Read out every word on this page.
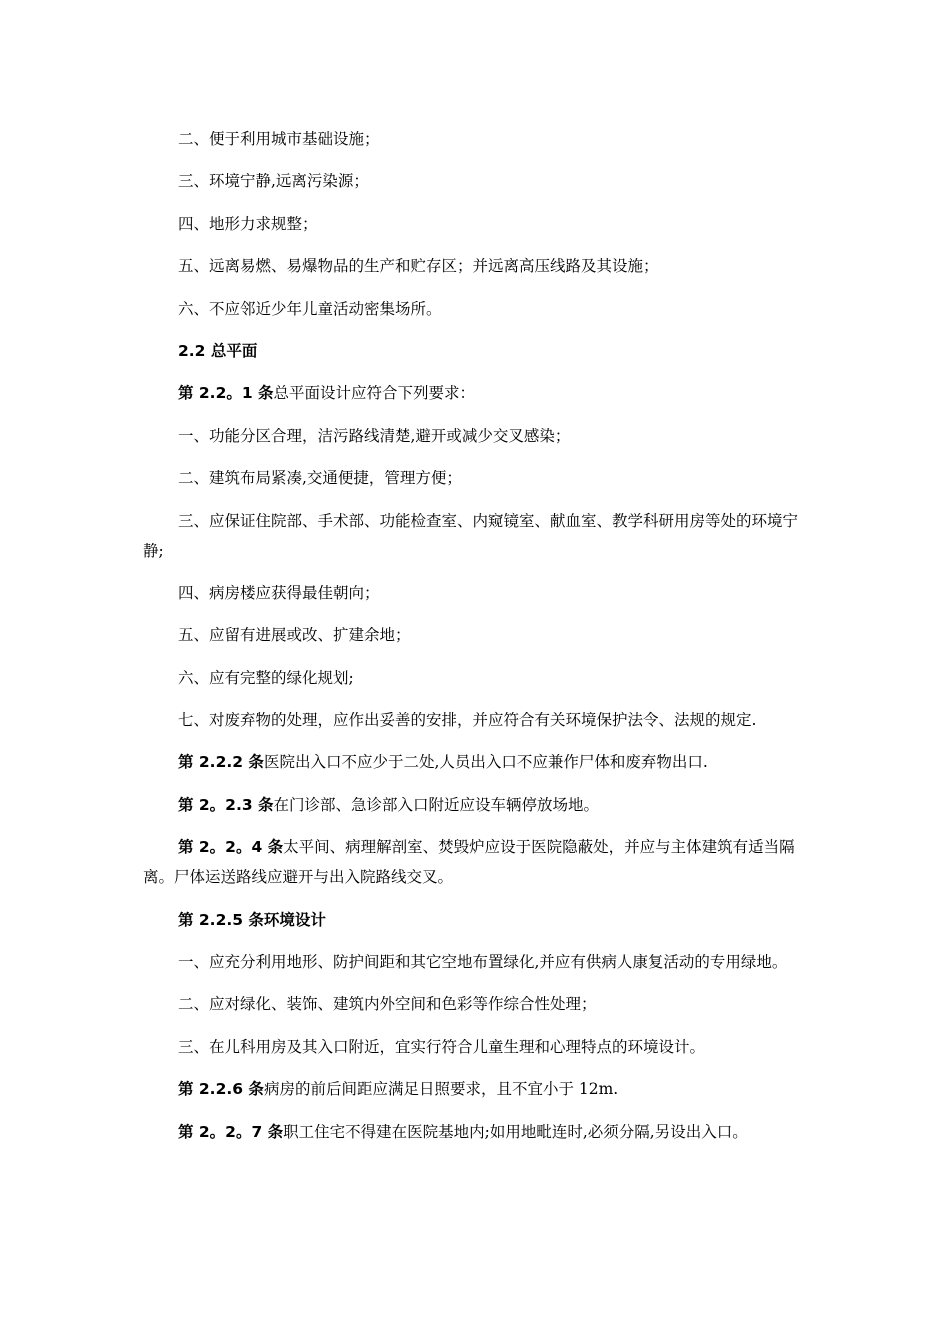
二、便于利用城市基础设施；

三、环境宁静,远离污染源；

四、地形力求规整；

五、远离易燃、易爆物品的生产和贮存区；并远离高压线路及其设施；

六、不应邻近少年儿童活动密集场所。

2.2 总平面

第 2.2。1 条总平面设计应符合下列要求：

一、功能分区合理，洁污路线清楚,避开或减少交叉感染；

二、建筑布局紧凑,交通便捷，管理方便；

三、应保证住院部、手术部、功能检查室、内窥镜室、献血室、教学科研用房等处的环境宁静;

四、病房楼应获得最佳朝向；

五、应留有进展或改、扩建余地；

六、应有完整的绿化规划;

七、对废弃物的处理，应作出妥善的安排，并应符合有关环境保护法令、法规的规定.

第 2.2.2 条医院出入口不应少于二处,人员出入口不应兼作尸体和废弃物出口.

第 2。2.3 条在门诊部、急诊部入口附近应设车辆停放场地。

第 2。2。4 条太平间、病理解剖室、焚毁炉应设于医院隐蔽处，并应与主体建筑有适当隔离。尸体运送路线应避开与出入院路线交叉。

第 2.2.5 条环境设计

一、应充分利用地形、防护间距和其它空地布置绿化,并应有供病人康复活动的专用绿地。

二、应对绿化、装饰、建筑内外空间和色彩等作综合性处理；

三、在儿科用房及其入口附近，宜实行符合儿童生理和心理特点的环境设计。

第 2.2.6 条病房的前后间距应满足日照要求，且不宜小于 12m.

第 2。2。7 条职工住宅不得建在医院基地内;如用地毗连时,必须分隔,另设出入口。
